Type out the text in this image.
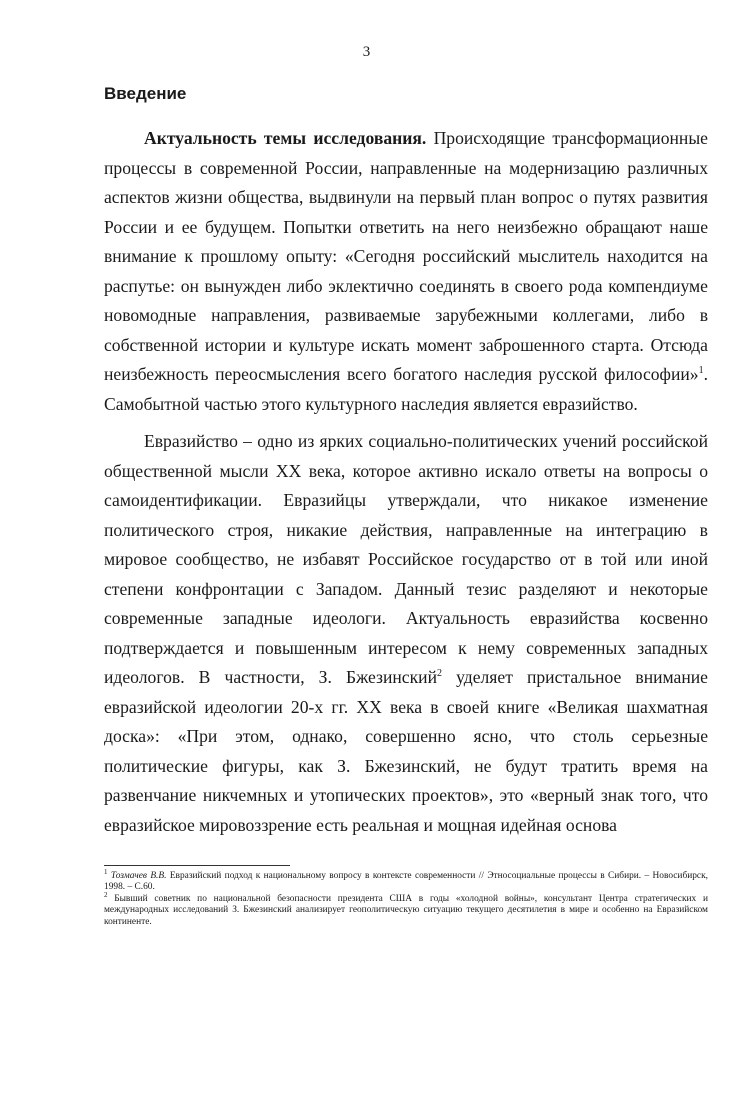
3
Введение

Актуальность темы исследования. Происходящие трансформационные процессы в современной России, направленные на модернизацию различных аспектов жизни общества, выдвинули на первый план вопрос о путях развития России и ее будущем. Попытки ответить на него неизбежно обращают наше внимание к прошлому опыту: «Сегодня российский мыслитель находится на распутье: он вынужден либо эклектично соединять в своего рода компендиуме новомодные направления, развиваемые зарубежными коллегами, либо в собственной истории и культуре искать момент заброшенного старта. Отсюда неизбежность переосмысления всего богатого наследия русской философии»$^1$. Самобытной частью этого культурного наследия является евразийство.

Евразийство – одно из ярких социально-политических учений российской общественной мысли XX века, которое активно искало ответы на вопросы о самоидентификации. Евразийцы утверждали, что никакое изменение политического строя, никакие действия, направленные на интеграцию в мировое сообщество, не избавят Российское государство от в той или иной степени конфронтации с Западом. Данный тезис разделяют и некоторые современные западные идеологи. Актуальность евразийства косвенно подтверждается и повышенным интересом к нему современных западных идеологов. В частности, З. Бжезинский$^2$ уделяет пристальное внимание евразийской идеологии 20-х гг. XX века в своей книге «Великая шахматная доска»: «При этом, однако, совершенно ясно, что столь серьезные политические фигуры, как З. Бжезинский, не будут тратить время на развенчание никчемных и утопических проектов», это «верный знак того, что евразийское мировоззрение есть реальная и мощная идейная основа

$^1$ Тозмачев В.В. Евразийский подход к национальному вопросу в контексте современности // Этносоциальные процессы в Сибири. – Новосибирск, 1998. – С.60.

$^2$ Бывший советник по национальной безопасности президента США в годы «холодной войны», консультант Центра стратегических и международных исследований З. Бжезинский анализирует геополитическую ситуацию текущего десятилетия в мире и особенно на Евразийском континенте.
